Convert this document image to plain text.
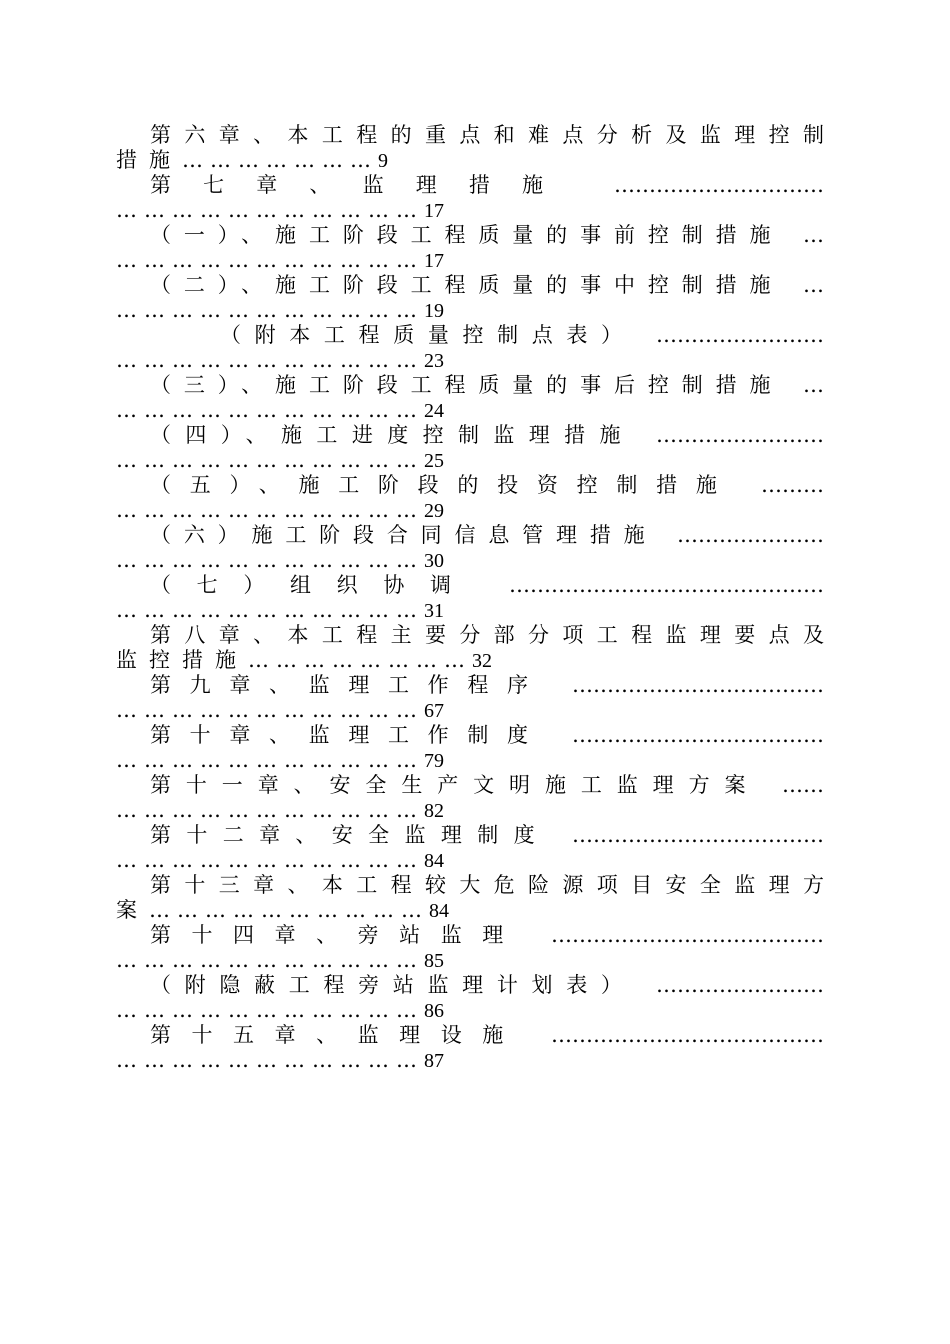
第六章、本工程的重点和难点分析及监理控制
措施…………………9
第七章、监理措施 …………………………
……………………………17
（一）、施工阶段工程质量的事前控制措施 …
……………………………17
（二）、施工阶段工程质量的事中控制措施 …
……………………………19
（附本工程质量控制点表） ……………………
……………………………23
（三）、施工阶段工程质量的事后控制措施 …
……………………………24
（四）、施工进度控制监理措施 ……………………
……………………………25
（五）、施工阶段的投资控制措施 ………
……………………………29
（六）施工阶段合同信息管理措施 …………………
……………………………30
（七）组织协调 ………………………………………
……………………………31
第八章、本工程主要分部分项工程监理要点及
监控措施……………………32
第九章、监理工作程序 ………………………………
……………………………67
第十章、监理工作制度 ………………………………
……………………………79
第十一章、安全生产文明施工监理方案 ……
……………………………82
第十二章、安全监理制度 ………………………………
……………………………84
第十三章、本工程较大危险源项目安全监理方
案…………………………84
第十四章、旁站监理 …………………………………
……………………………85
（附隐蔽工程旁站监理计划表） ……………………
……………………………86
第十五章、监理设施 …………………………………
……………………………87
